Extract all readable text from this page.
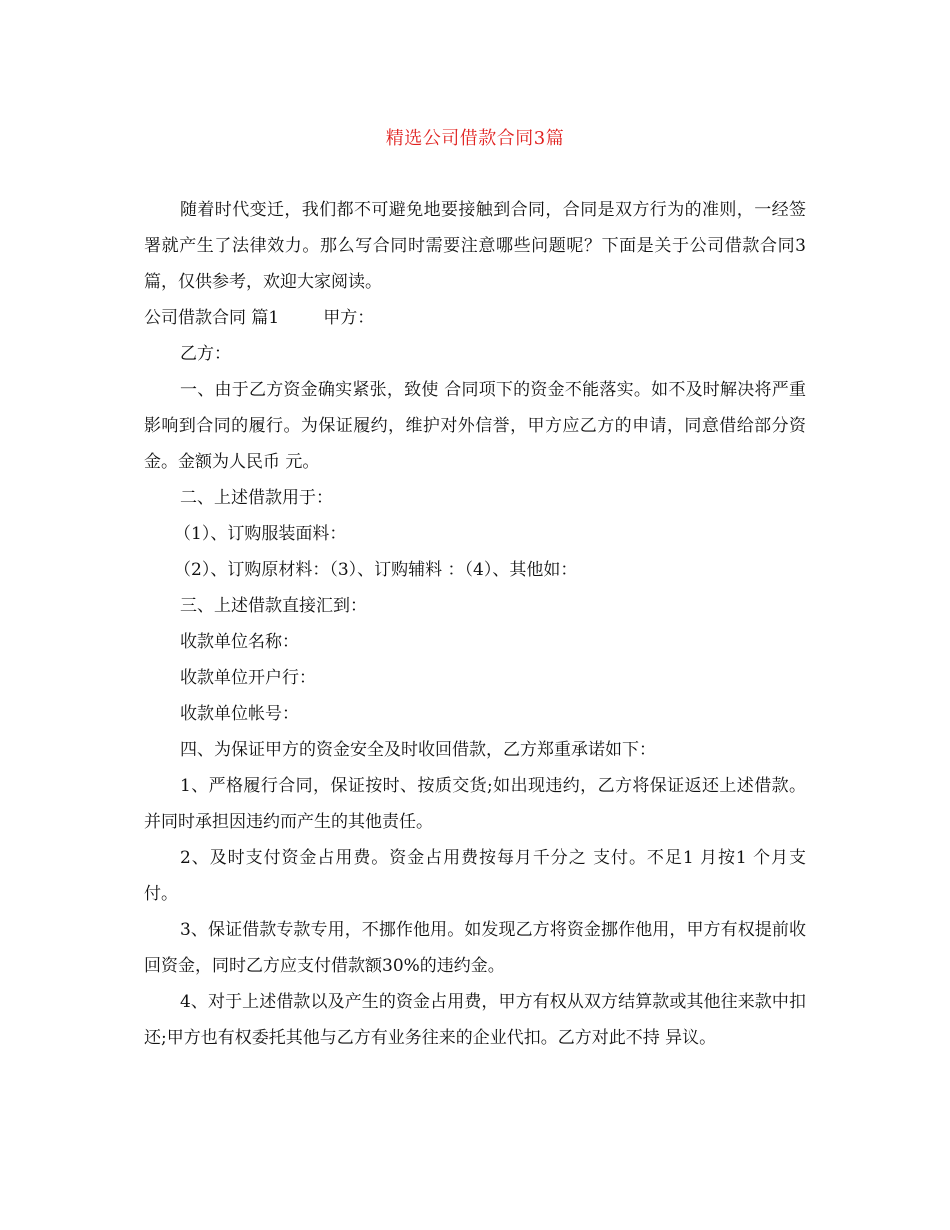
精选公司借款合同3篇

随着时代变迁，我们都不可避免地要接触到合同，合同是双方行为的准则，一经签署就产生了法律效力。那么写合同时需要注意哪些问题呢？下面是关于公司借款合同3篇，仅供参考，欢迎大家阅读。

公司借款合同 篇1	甲方：

乙方：

一、由于乙方资金确实紧张，致使 合同项下的资金不能落实。如不及时解决将严重影响到合同的履行。为保证履约，维护对外信誉，甲方应乙方的申请，同意借给部分资金。金额为人民币 元。

二、上述借款用于：

（1）、订购服装面料：

（2）、订购原材料：（3）、订购辅料 ：（4）、其他如：

三、上述借款直接汇到：

收款单位名称：

收款单位开户行：

收款单位帐号：

四、为保证甲方的资金安全及时收回借款，乙方郑重承诺如下：

1、严格履行合同，保证按时、按质交货;如出现违约，乙方将保证返还上述借款。并同时承担因违约而产生的其他责任。

2、及时支付资金占用费。资金占用费按每月千分之 支付。不足1 月按1 个月支付。

3、保证借款专款专用，不挪作他用。如发现乙方将资金挪作他用，甲方有权提前收回资金，同时乙方应支付借款额30%的违约金。

4、对于上述借款以及产生的资金占用费，甲方有权从双方结算款或其他往来款中扣还;甲方也有权委托其他与乙方有业务往来的企业代扣。乙方对此不持 异议。
